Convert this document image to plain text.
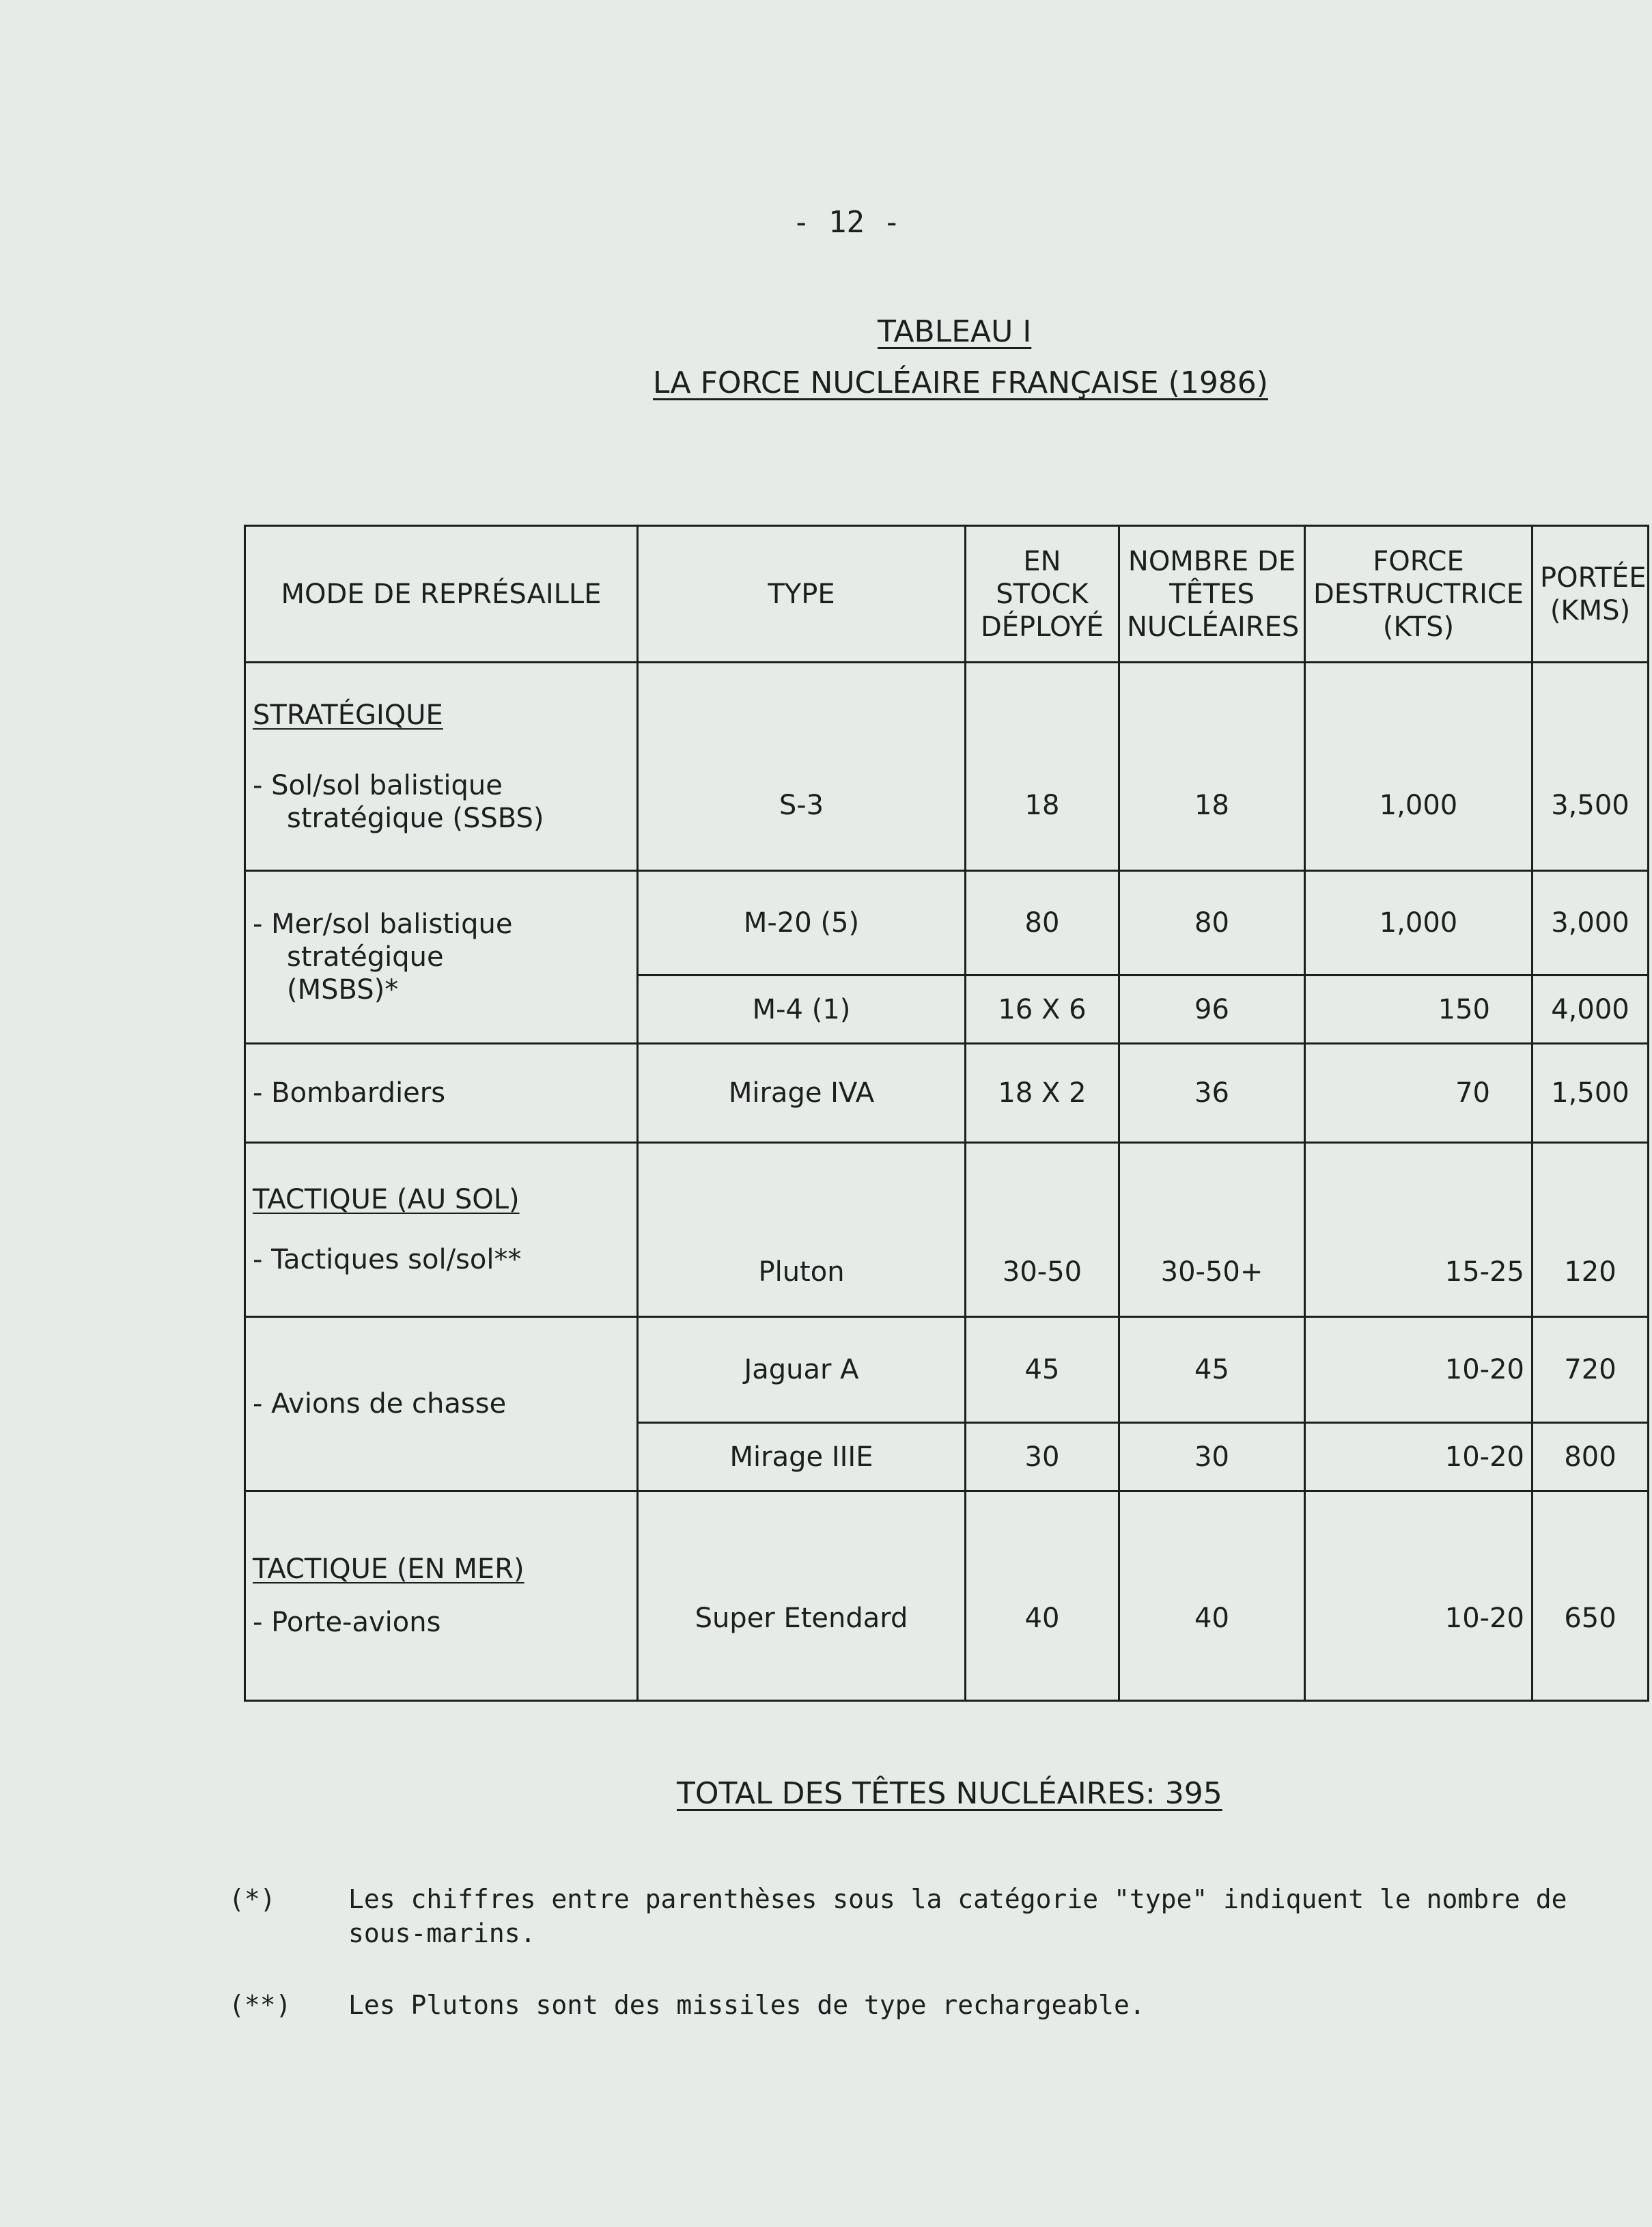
- 12 -
TABLEAU I
LA FORCE NUCLÉAIRE FRANÇAISE (1986)
MODE DE REPRÉSAILLE	TYPE	EN STOCK DÉPLOYÉ	NOMBRE DE TÊTES NUCLÉAIRES	FORCE DESTRUCTRICE (KTS)	PORTÉE (KMS)

STRATÉGIQUE
- Sol/sol balistique
stratégique (SSBS)	S-3	18	18	1,000	3,500

- Mer/sol balistique
stratégique
(MSBS)*	M-20 (5)	80	80	1,000	3,000
	M-4 (1)	16 X 6	96	150	4,000
- Bombardiers	Mirage IVA	18 X 2	36	70	1,500

TACTIQUE (AU SOL)
- Tactiques sol/sol**	Pluton	30-50	30-50+	15-25	120
- Avions de chasse	Jaguar A	45	45	10-20	720
	Mirage IIIE	30	30	10-20	800

TACTIQUE (EN MER)
- Porte-avions	Super Etendard	40	40	10-20	650
TOTAL DES TÊTES NUCLÉAIRES: 395
(*)	Les chiffres entre parenthèses sous la catégorie "type" indiquent le nombre de sous-marins.
(**) Les Plutons sont des missiles de type rechargeable.
